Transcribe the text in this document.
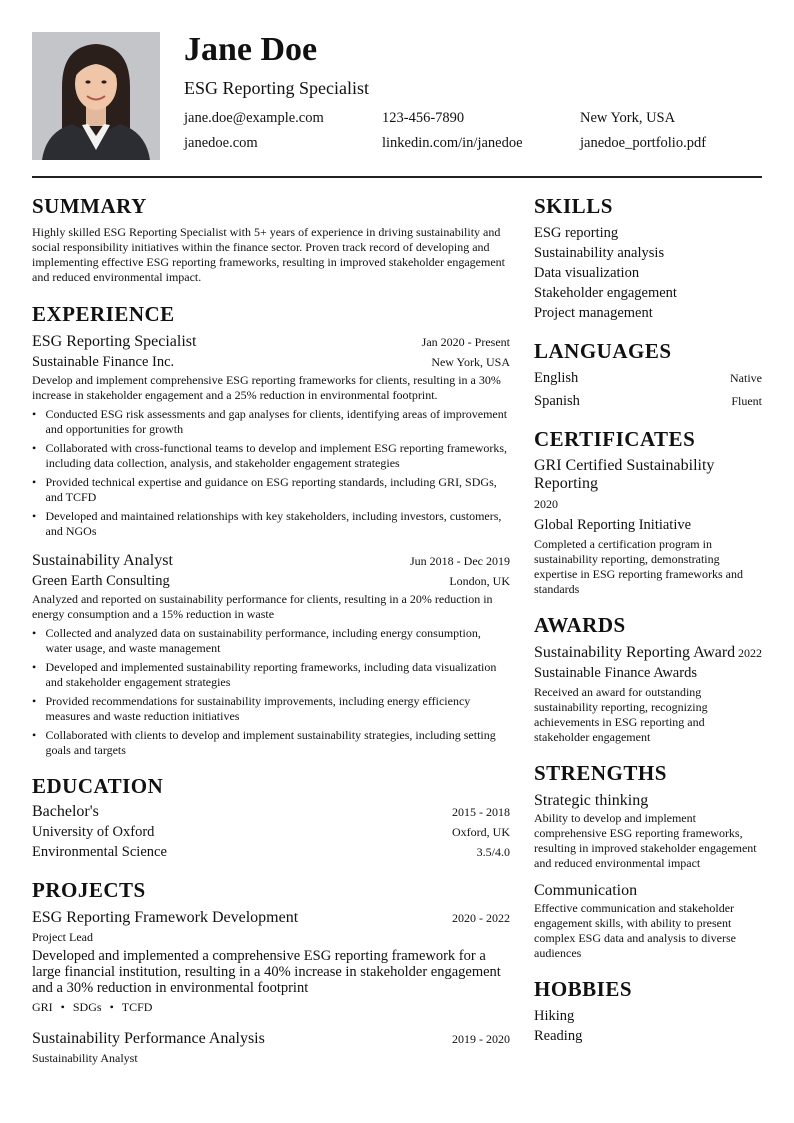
Jane Doe
ESG Reporting Specialist
jane.doe@example.com	123-456-7890	New York, USA
janedoe.com	linkedin.com/in/janedoe	janedoe_portfolio.pdf
SUMMARY
Highly skilled ESG Reporting Specialist with 5+ years of experience in driving sustainability and social responsibility initiatives within the finance sector. Proven track record of developing and implementing effective ESG reporting frameworks, resulting in improved stakeholder engagement and reduced environmental impact.
EXPERIENCE
ESG Reporting Specialist	Jan 2020 - Present
Sustainable Finance Inc.	New York, USA
Develop and implement comprehensive ESG reporting frameworks for clients, resulting in a 30% increase in stakeholder engagement and a 25% reduction in environmental footprint.
• Conducted ESG risk assessments and gap analyses for clients, identifying areas of improvement and opportunities for growth
• Collaborated with cross-functional teams to develop and implement ESG reporting frameworks, including data collection, analysis, and stakeholder engagement strategies
• Provided technical expertise and guidance on ESG reporting standards, including GRI, SDGs, and TCFD
• Developed and maintained relationships with key stakeholders, including investors, customers, and NGOs
Sustainability Analyst	Jun 2018 - Dec 2019
Green Earth Consulting	London, UK
Analyzed and reported on sustainability performance for clients, resulting in a 20% reduction in energy consumption and a 15% reduction in waste
• Collected and analyzed data on sustainability performance, including energy consumption, water usage, and waste management
• Developed and implemented sustainability reporting frameworks, including data visualization and stakeholder engagement strategies
• Provided recommendations for sustainability improvements, including energy efficiency measures and waste reduction initiatives
• Collaborated with clients to develop and implement sustainability strategies, including setting goals and targets
EDUCATION
Bachelor's	2015 - 2018
University of Oxford	Oxford, UK
Environmental Science	3.5/4.0
PROJECTS
ESG Reporting Framework Development	2020 - 2022
Project Lead
Developed and implemented a comprehensive ESG reporting framework for a large financial institution, resulting in a 40% increase in stakeholder engagement and a 30% reduction in environmental footprint
GRI • SDGs • TCFD
Sustainability Performance Analysis	2019 - 2020
Sustainability Analyst
SKILLS
ESG reporting
Sustainability analysis
Data visualization
Stakeholder engagement
Project management
LANGUAGES
English	Native
Spanish	Fluent
CERTIFICATES
GRI Certified Sustainability Reporting
2020
Global Reporting Initiative
Completed a certification program in sustainability reporting, demonstrating expertise in ESG reporting frameworks and standards
AWARDS
Sustainability Reporting Award 2022
Sustainable Finance Awards
Received an award for outstanding sustainability reporting, recognizing achievements in ESG reporting and stakeholder engagement
STRENGTHS
Strategic thinking
Ability to develop and implement comprehensive ESG reporting frameworks, resulting in improved stakeholder engagement and reduced environmental impact
Communication
Effective communication and stakeholder engagement skills, with ability to present complex ESG data and analysis to diverse audiences
HOBBIES
Hiking
Reading
